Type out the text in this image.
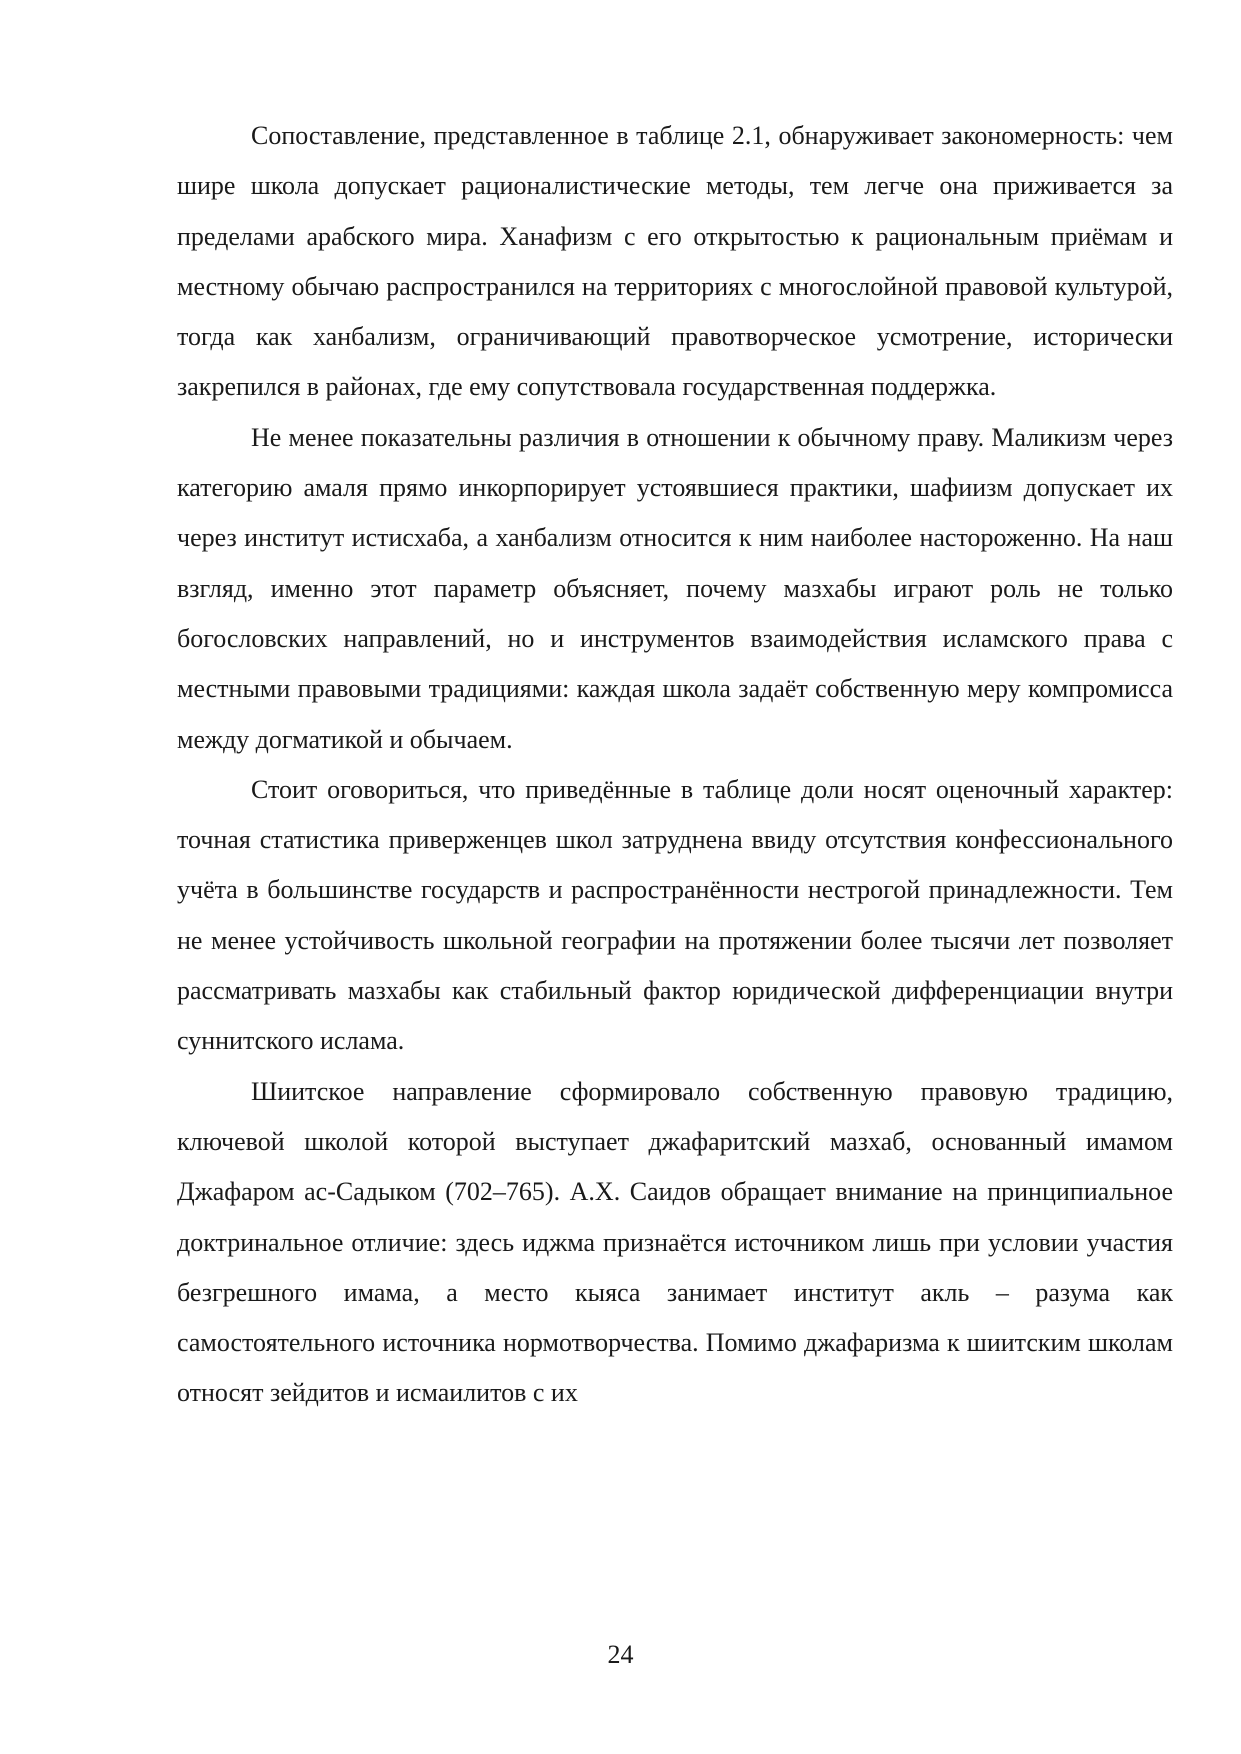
Сопоставление, представленное в таблице 2.1, обнаруживает закономерность: чем шире школа допускает рационалистические методы, тем легче она приживается за пределами арабского мира. Ханафизм с его открытостью к рациональным приёмам и местному обычаю распространился на территориях с многослойной правовой культурой, тогда как ханбализм, ограничивающий правотворческое усмотрение, исторически закрепился в районах, где ему сопутствовала государственная поддержка.

Не менее показательны различия в отношении к обычному праву. Маликизм через категорию амаля прямо инкорпорирует устоявшиеся практики, шафиизм допускает их через институт истисхаба, а ханбализм относится к ним наиболее настороженно. На наш взгляд, именно этот параметр объясняет, почему мазхабы играют роль не только богословских направлений, но и инструментов взаимодействия исламского права с местными правовыми традициями: каждая школа задаёт собственную меру компромисса между догматикой и обычаем.

Стоит оговориться, что приведённые в таблице доли носят оценочный характер: точная статистика приверженцев школ затруднена ввиду отсутствия конфессионального учёта в большинстве государств и распространённости нестрогой принадлежности. Тем не менее устойчивость школьной географии на протяжении более тысячи лет позволяет рассматривать мазхабы как стабильный фактор юридической дифференциации внутри суннитского ислама.

Шиитское направление сформировало собственную правовую традицию, ключевой школой которой выступает джафаритский мазхаб, основанный имамом Джафаром ас-Садыком (702–765). А.Х. Саидов обращает внимание на принципиальное доктринальное отличие: здесь иджма признаётся источником лишь при условии участия безгрешного имама, а место кыяса занимает институт акль – разума как самостоятельного источника нормотворчества. Помимо джафаризма к шиитским школам относят зейдитов и исмаилитов с их

24
